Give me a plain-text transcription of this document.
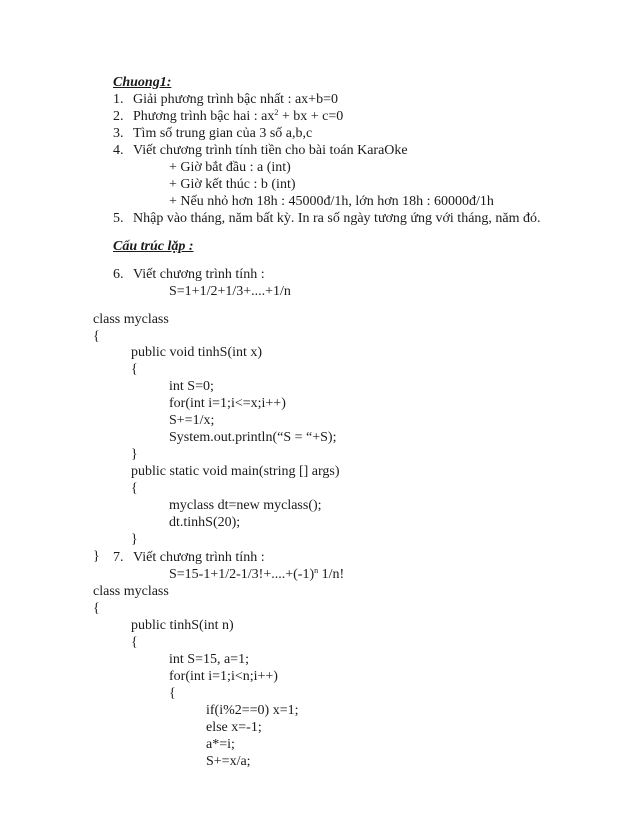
Chuong1:
1. Giải phương trình bậc nhất : ax+b=0
2. Phương trình bậc hai : $ax^2$ + bx + c=0
3. Tìm số trung gian của 3 số a,b,c
4. Viết chương trình tính tiền cho bài toán KaraOke
+ Giờ bắt đầu : a (int)
+ Giờ kết thúc : b (int)
+ Nếu nhỏ hơn 18h : 45000đ/1h, lớn hơn 18h : 60000đ/1h
5. Nhập vào tháng, năm bất kỳ. In ra số ngày tương ứng với tháng, năm đó.
Cấu trúc lặp :
6. Viết chương trình tính :
S=1+1/2+1/3+....+1/n
class myclass
{
public void tinhS(int x)
{
int S=0;
for(int i=1;i<=x;i++)
S+=1/x;
System.out.println(“S = “+S);
}
public static void main(string [] args)
{
myclass dt=new myclass();
dt.tinhS(20);
}
} 7. Viết chương trình tính :
$S=15-1+1/2-1/3!+....+(-1)^n$ 1/n!
class myclass
{
public tinhS(int n)
{
int S=15, a=1;
for(int i=1;i<n;i++)
{
if(i%2==0) x=1;
else x=-1;
a*=i;
S+=x/a;
